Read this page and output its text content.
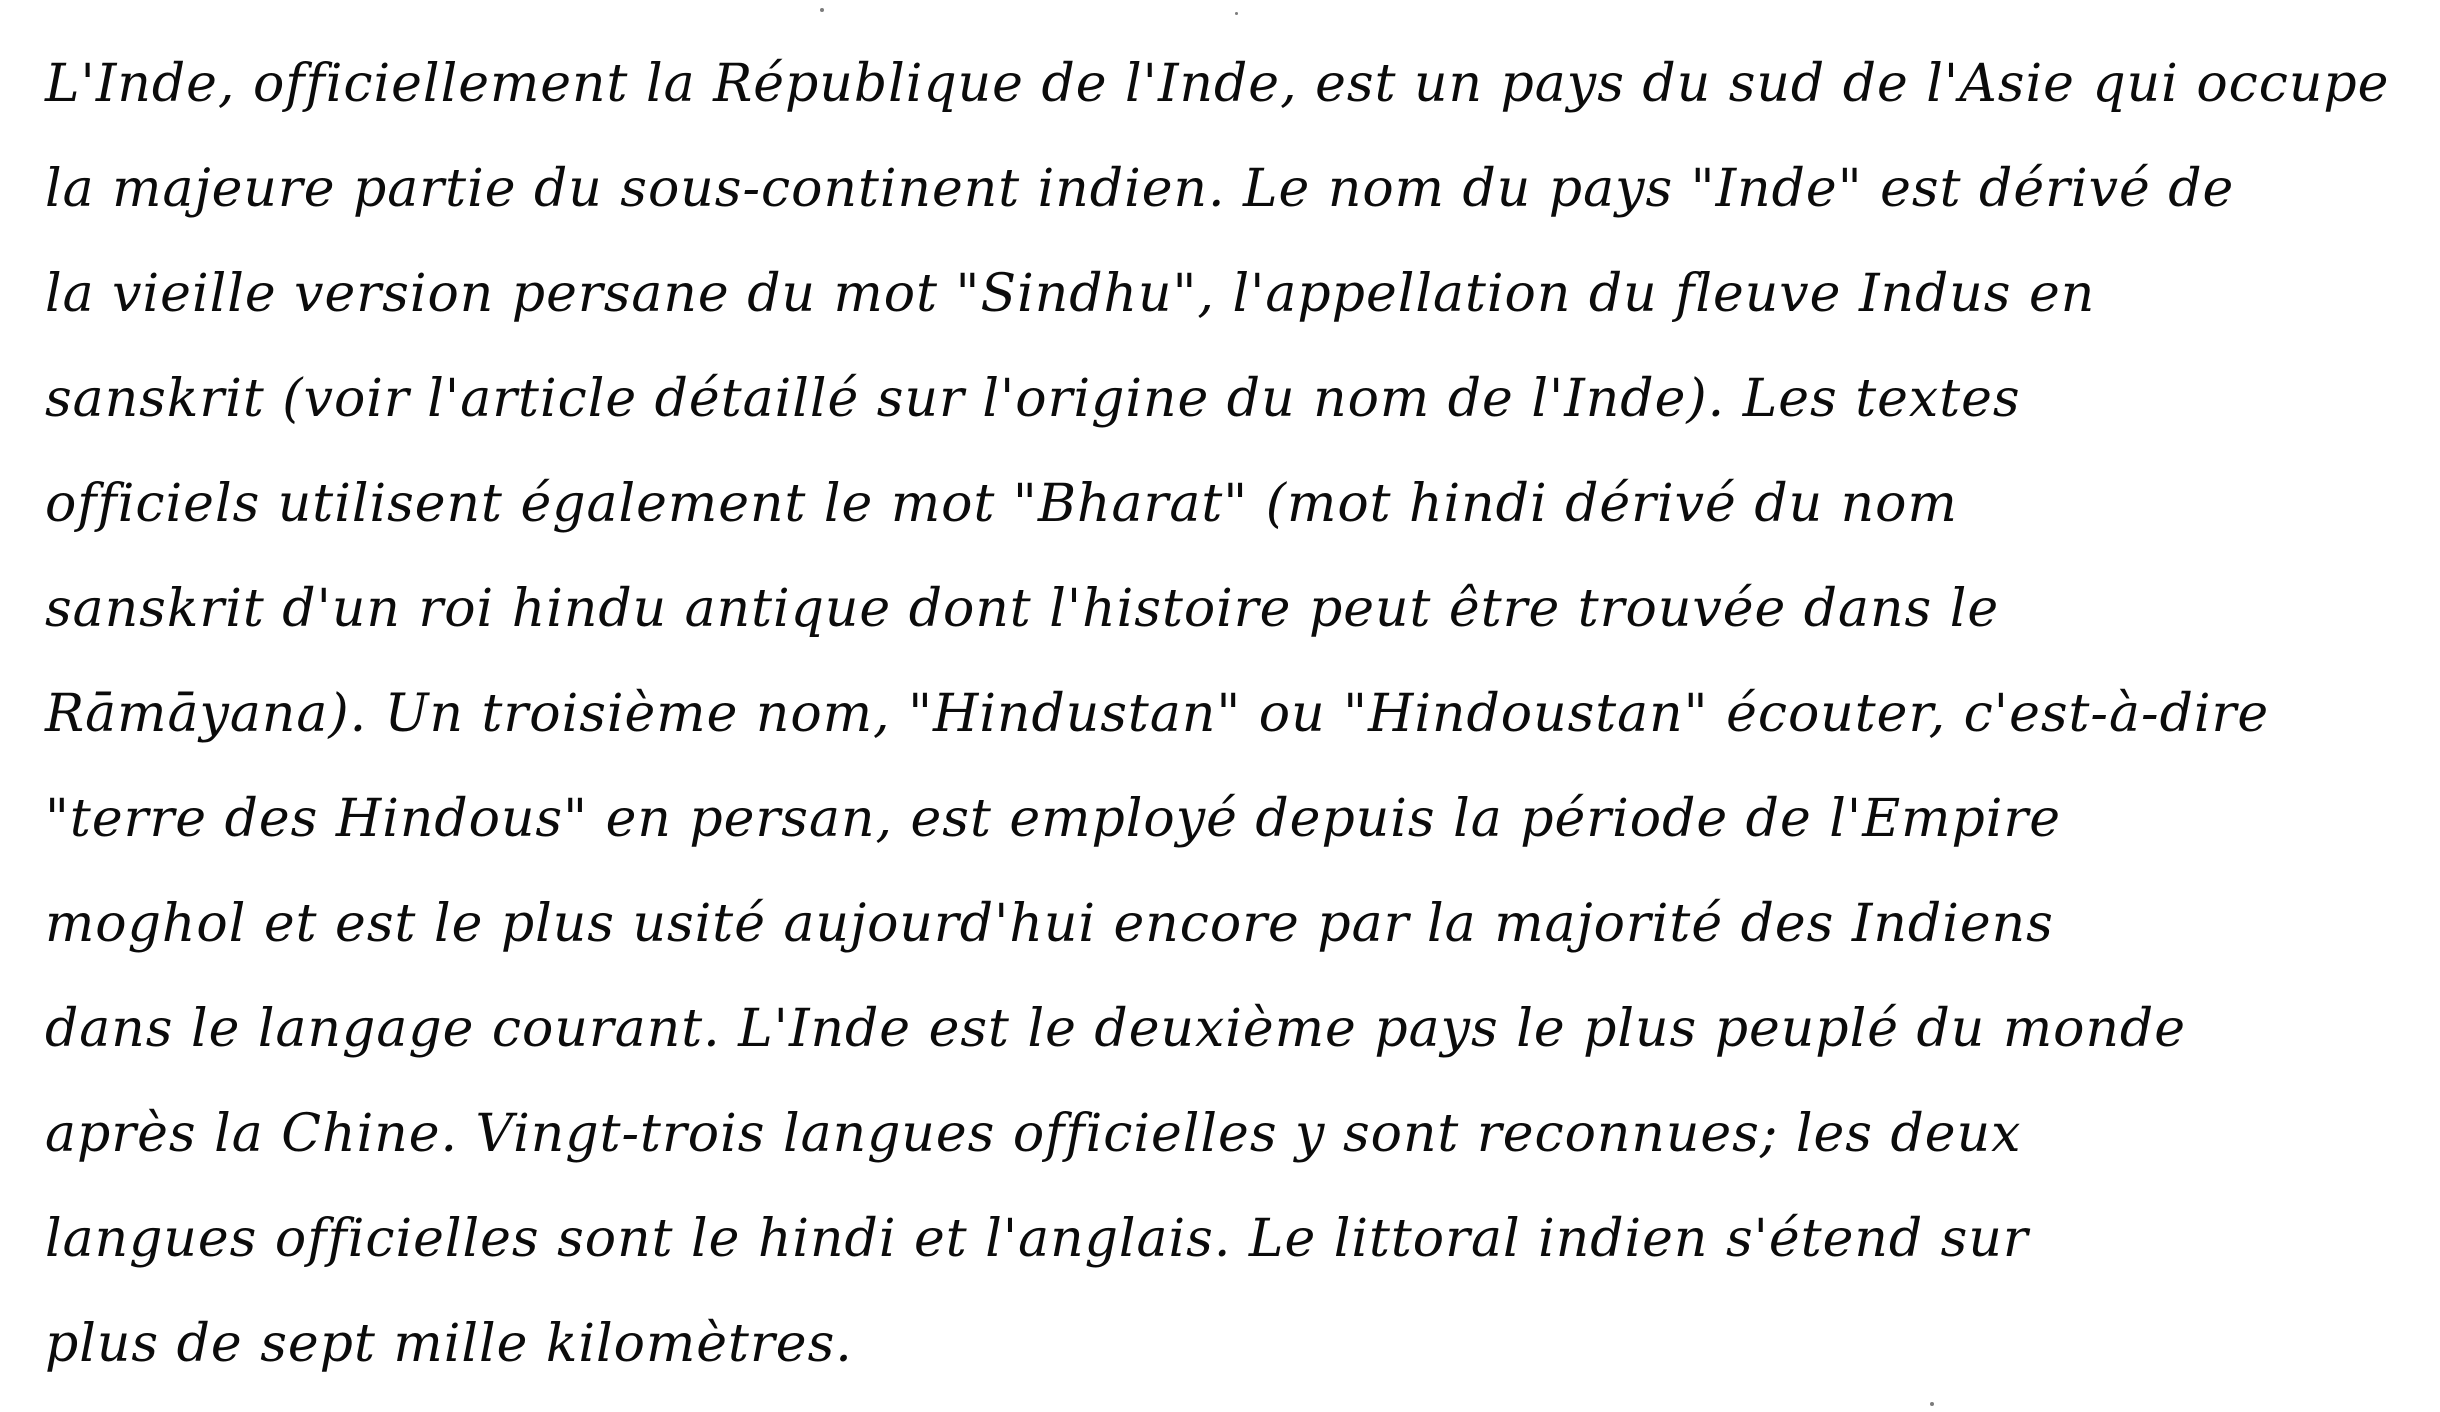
L'Inde, officiellement la République de l'Inde, est un pays du sud de l'Asie qui occupe
la majeure partie du sous-continent indien. Le nom du pays "Inde" est dérivé de
la vieille version persane du mot "Sindhu", l'appellation du fleuve Indus en
sanskrit (voir l'article détaillé sur l'origine du nom de l'Inde). Les textes
officiels utilisent également le mot "Bharat" (mot hindi dérivé du nom
sanskrit d'un roi hindu antique dont l'histoire peut être trouvée dans le
Rāmāyana). Un troisième nom, "Hindustan" ou "Hindoustan" écouter, c'est-à-dire
"terre des Hindous" en persan, est employé depuis la période de l'Empire
moghol et est le plus usité aujourd'hui encore par la majorité des Indiens
dans le langage courant. L'Inde est le deuxième pays le plus peuplé du monde
après la Chine. Vingt-trois langues officielles y sont reconnues; les deux
langues officielles sont le hindi et l'anglais. Le littoral indien s'étend sur
plus de sept mille kilomètres.
